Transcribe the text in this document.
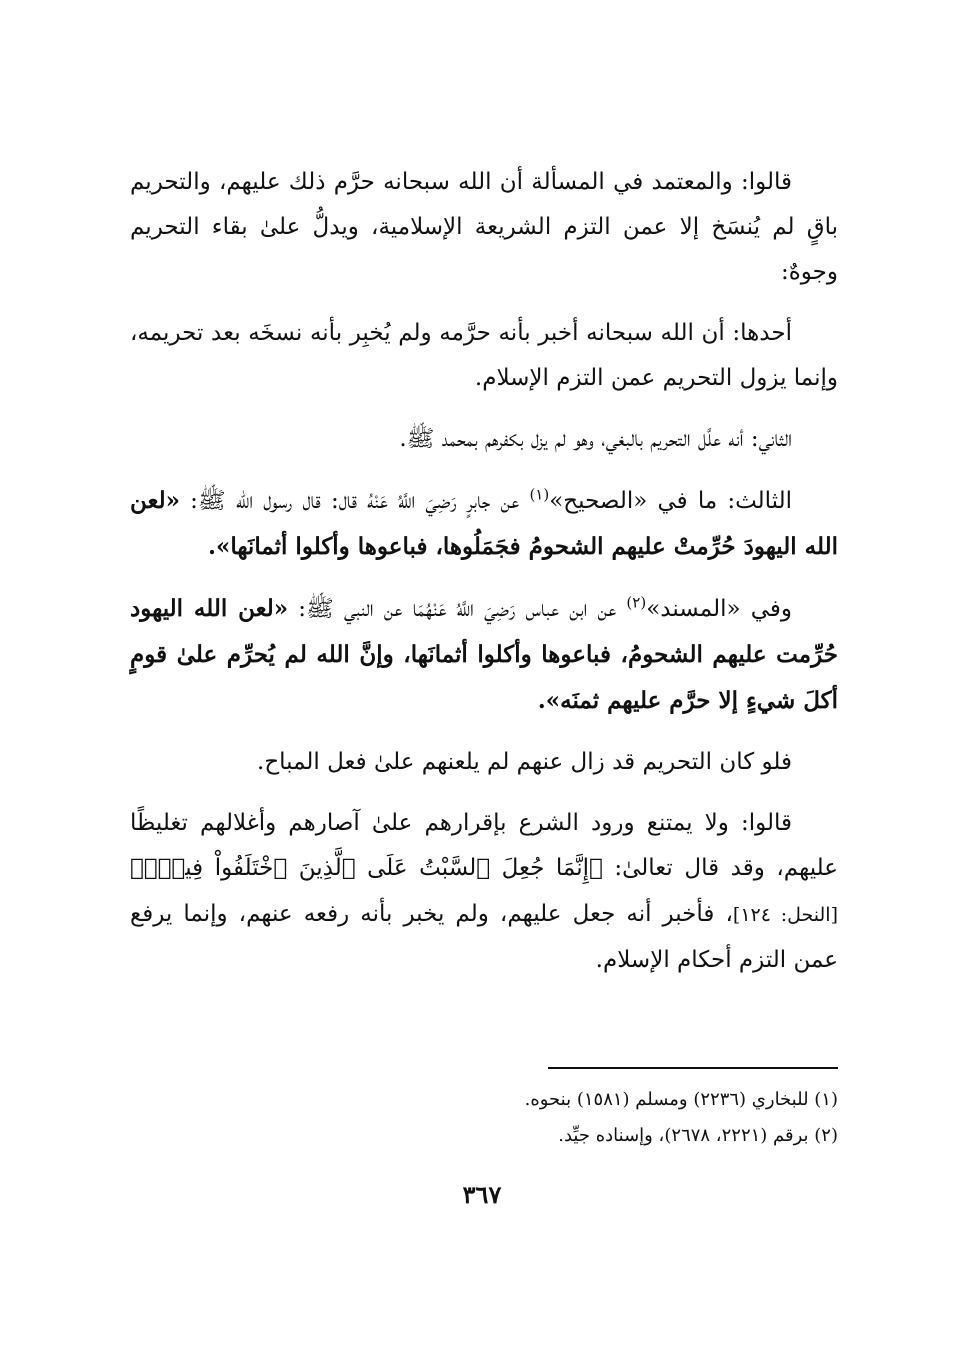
قالوا: والمعتمد في المسألة أن الله سبحانه حرَّم ذلك عليهم، والتحريم باقٍ لم يُنسَخ إلا عمن التزم الشريعة الإسلامية، ويدلُّ علىٰ بقاء التحريم وجوهٌ:

أحدها: أن الله سبحانه أخبر بأنه حرَّمه ولم يُخبِر بأنه نسخَه بعد تحريمه، وإنما يزول التحريم عمن التزم الإسلام.

الثاني: أنه علَّل التحريم بالبغي، وهو لم يزل بكفرهم بمحمد ﷺ.

الثالث: ما في «الصحيح»$^{(١)}$ عن جابرٍ رَضِيَ اللَّهُ عَنْهُ قال: قال رسول الله ﷺ: «لعن الله اليهودَ حُرِّمتْ عليهم الشحومُ فجَمَلُوها، فباعوها وأكلوا أثمانَها».

وفي «المسند»$^{(٢)}$ عن ابن عباس رَضِيَ اللَّهُ عَنْهُمَا عن النبي ﷺ: «لعن الله اليهود حُرِّمت عليهم الشحومُ، فباعوها وأكلوا أثمانَها، وإنَّ الله لم يُحرِّم علىٰ قومٍ أكلَ شيءٍ إلا حرَّم عليهم ثمنَه».

فلو كان التحريم قد زال عنهم لم يلعنهم علىٰ فعل المباح.

قالوا: ولا يمتنع ورود الشرع بإقرارهم علىٰ آصارهم وأغلالهم تغليظًا عليهم، وقد قال تعالىٰ: ﴿إِنَّمَا جُعِلَ ٱلسَّبْتُ عَلَى ٱلَّذِينَ ٱخْتَلَفُواْ فِيهِۚ﴾ [النحل: ١٢٤]، فأخبر أنه جعل عليهم، ولم يخبر بأنه رفعه عنهم، وإنما يرفع عمن التزم أحكام الإسلام.

(١) للبخاري (٢٢٣٦) ومسلم (١٥٨١) بنحوه.

(٢) برقم (٢٢٢١، ٢٦٧٨)، وإسناده جيِّد.

٣٦٧
